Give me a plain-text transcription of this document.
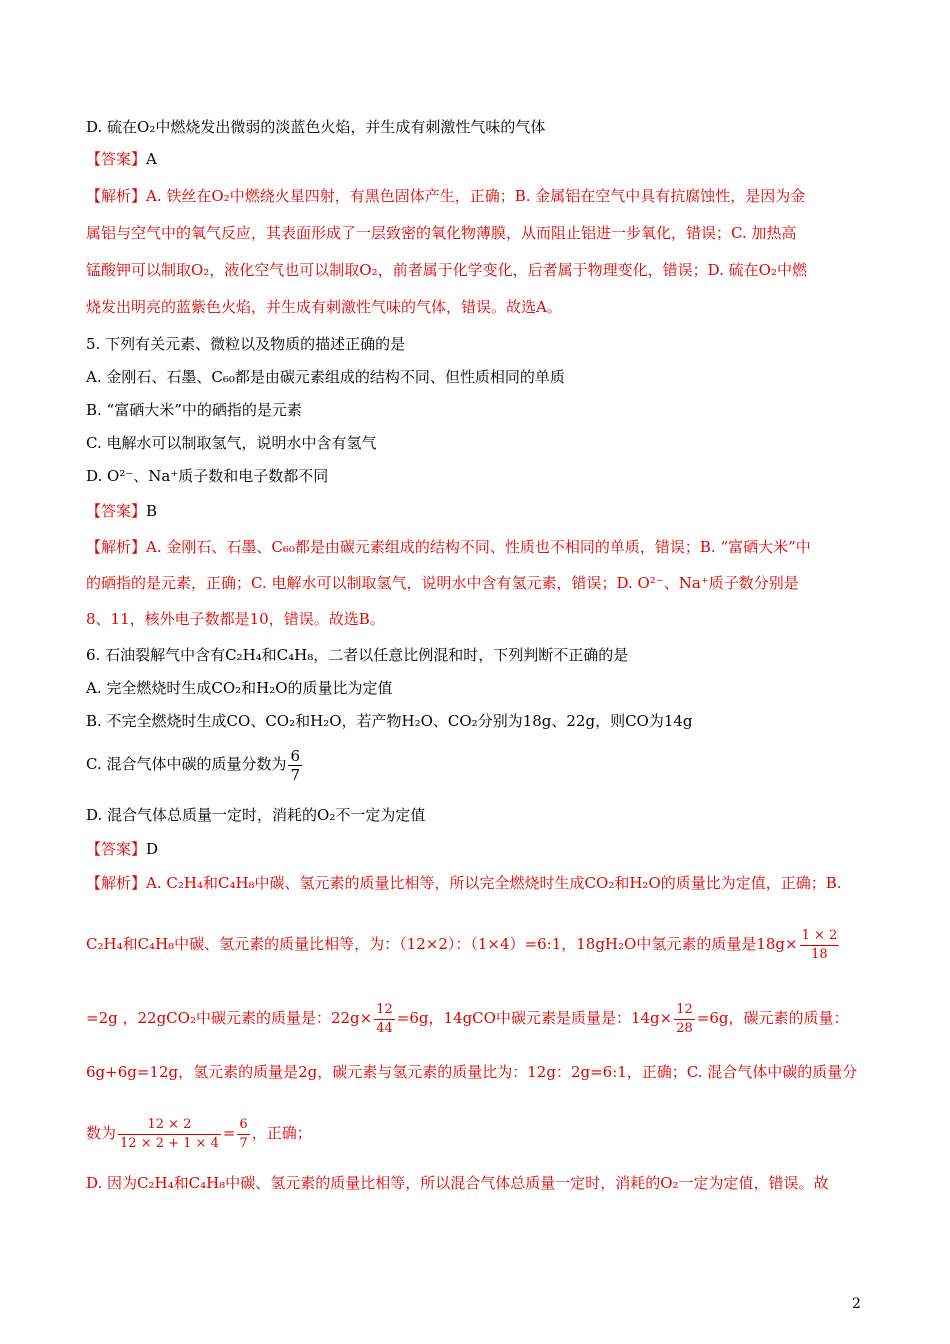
D. 硫在O₂中燃烧发出微弱的淡蓝色火焰，并生成有刺激性气味的气体
【答案】A
【解析】A. 铁丝在O₂中燃绕火星四射，有黑色固体产生，正确；B. 金属铝在空气中具有抗腐蚀性，是因为金
属铝与空气中的氧气反应，其表面形成了一层致密的氧化物薄膜，从而阻止铝进一步氧化，错误；C. 加热高
锰酸钾可以制取O₂，液化空气也可以制取O₂，前者属于化学变化，后者属于物理变化，错误；D. 硫在O₂中燃
烧发出明亮的蓝紫色火焰，并生成有刺激性气味的气体，错误。故选A。
5. 下列有关元素、微粒以及物质的描述正确的是
A. 金刚石、石墨、C₆₀都是由碳元素组成的结构不同、但性质相同的单质
B. “富硒大米”中的硒指的是元素
C. 电解水可以制取氢气，说明水中含有氢气
D. O²⁻、Na⁺质子数和电子数都不同
【答案】B
【解析】A. 金刚石、石墨、C₆₀都是由碳元素组成的结构不同、性质也不相同的单质，错误；B. “富硒大米”中
的硒指的是元素，正确；C. 电解水可以制取氢气，说明水中含有氢元素，错误；D. O²⁻、Na⁺质子数分别是
8、11，核外电子数都是10，错误。故选B。
6. 石油裂解气中含有C₂H₄和C₄H₈，二者以任意比例混和时，下列判断不正确的是
A. 完全燃烧时生成CO₂和H₂O的质量比为定值
B. 不完全燃烧时生成CO、CO₂和H₂O，若产物H₂O、CO₂分别为18g、22g，则CO为14g
C. 混合气体中碳的质量分数为 $\frac{6}{7}$
D. 混合气体总质量一定时，消耗的O₂不一定为定值
【答案】D
【解析】A. C₂H₄和C₄H₈中碳、氢元素的质量比相等，所以完全燃烧时生成CO₂和H₂O的质量比为定值，正确；B.
C₂H₄和C₄H₈中碳、氢元素的质量比相等，为：（12×2）：（1×4）=6:1，18gH₂O中氢元素的质量是$18g\times \frac{1 \times 2}{18}$
=2g ，22gCO₂中碳元素的质量是：$22g\times \frac{12}{44} =6g$，14gCO中碳元素是质量是：$14g\times \frac{12}{28} =6g$，碳元素的质量：
6g+6g=12g，氢元素的质量是2g，碳元素与氢元素的质量比为：12g：2g=6:1，正确；C. 混合气体中碳的质量分
数为 $\frac{12 \times 2}{12 \times 2 + 1 \times 4} = \frac{6}{7}$ ，正确；
D. 因为C₂H₄和C₄H₈中碳、氢元素的质量比相等，所以混合气体总质量一定时，消耗的O₂一定为定值，错误。故
2
